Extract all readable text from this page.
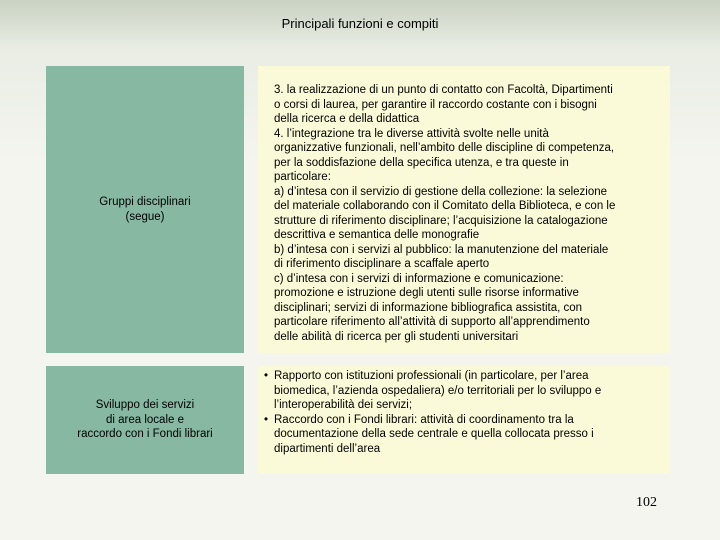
Principali funzioni e compiti
Gruppi disciplinari
(segue)
3. la realizzazione di un punto di contatto con Facoltà, Dipartimenti
o corsi di laurea, per garantire il raccordo costante con i bisogni
della ricerca e della didattica
4. l’integrazione tra le diverse attività svolte nelle unità
organizzative funzionali, nell’ambito delle discipline di competenza,
per la soddisfazione della specifica utenza, e tra queste in
particolare:
a) d’intesa con il servizio di gestione della collezione: la selezione
del materiale collaborando con il Comitato della Biblioteca, e con le
strutture di riferimento disciplinare; l’acquisizione la catalogazione
descrittiva e semantica delle monografie
b) d’intesa con i servizi al pubblico: la manutenzione del materiale
di riferimento disciplinare a scaffale aperto
c) d’intesa con i servizi di informazione e comunicazione:
promozione e istruzione degli utenti sulle risorse informative
disciplinari; servizi di informazione bibliografica assistita, con
particolare riferimento all’attività di supporto all’apprendimento
delle abilità di ricerca per gli studenti universitari
Sviluppo dei servizi
di area locale e
raccordo con i Fondi librari
• Rapporto con istituzioni professionali (in particolare, per l’area
biomedica, l’azienda ospedaliera) e/o territoriali per lo sviluppo e
l’interoperabilità dei servizi;
• Raccordo con i Fondi librari: attività di coordinamento tra la
documentazione della sede centrale e quella collocata presso i
dipartimenti dell’area
102
